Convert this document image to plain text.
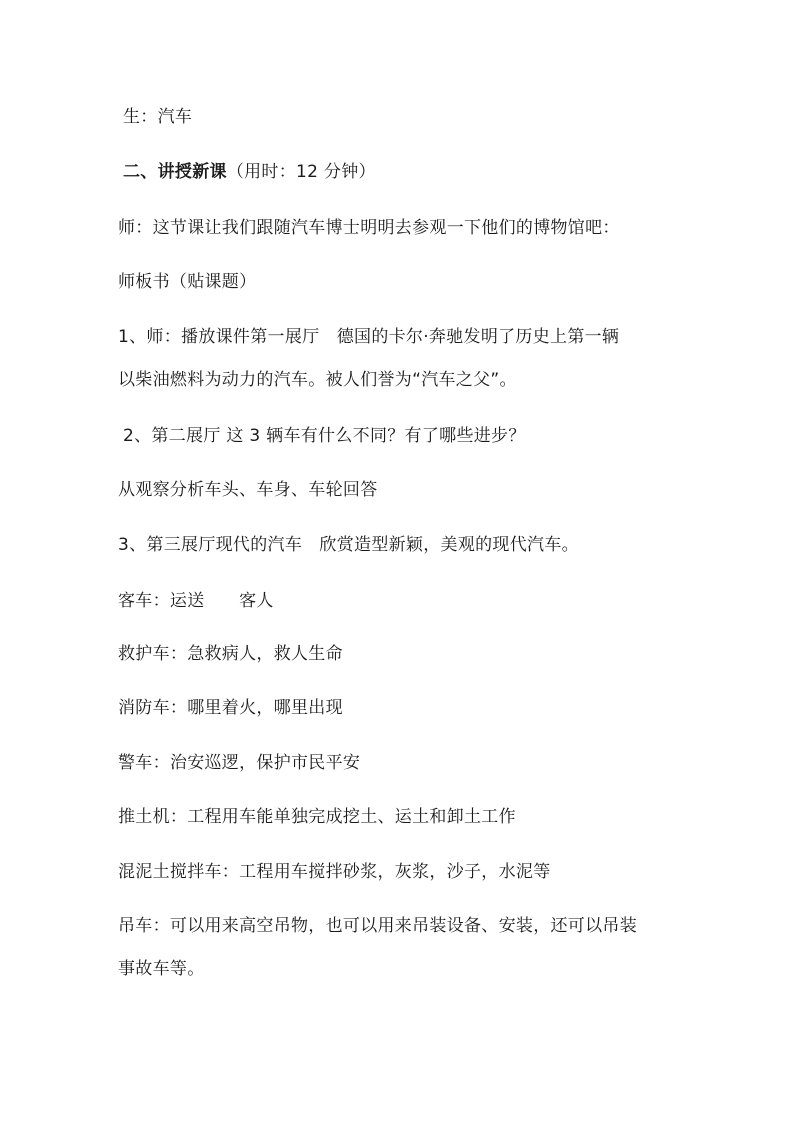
生：汽车
二、讲授新课（用时：12 分钟）
师：这节课让我们跟随汽车博士明明去参观一下他们的博物馆吧：
师板书（贴课题）
1、师：播放课件第一展厅　德国的卡尔·奔驰发明了历史上第一辆
以柴油燃料为动力的汽车。被人们誉为“汽车之父”。
2、第二展厅 这 3 辆车有什么不同？有了哪些进步？
从观察分析车头、车身、车轮回答
3、第三展厅现代的汽车　欣赏造型新颖，美观的现代汽车。
客车：运送　　客人
救护车：急救病人，救人生命
消防车：哪里着火，哪里出现
警车：治安巡逻，保护市民平安
推土机：工程用车能单独完成挖土、运土和卸土工作
混泥土搅拌车：工程用车搅拌砂浆，灰浆，沙子，水泥等
吊车：可以用来高空吊物，也可以用来吊装设备、安装，还可以吊装
事故车等。
